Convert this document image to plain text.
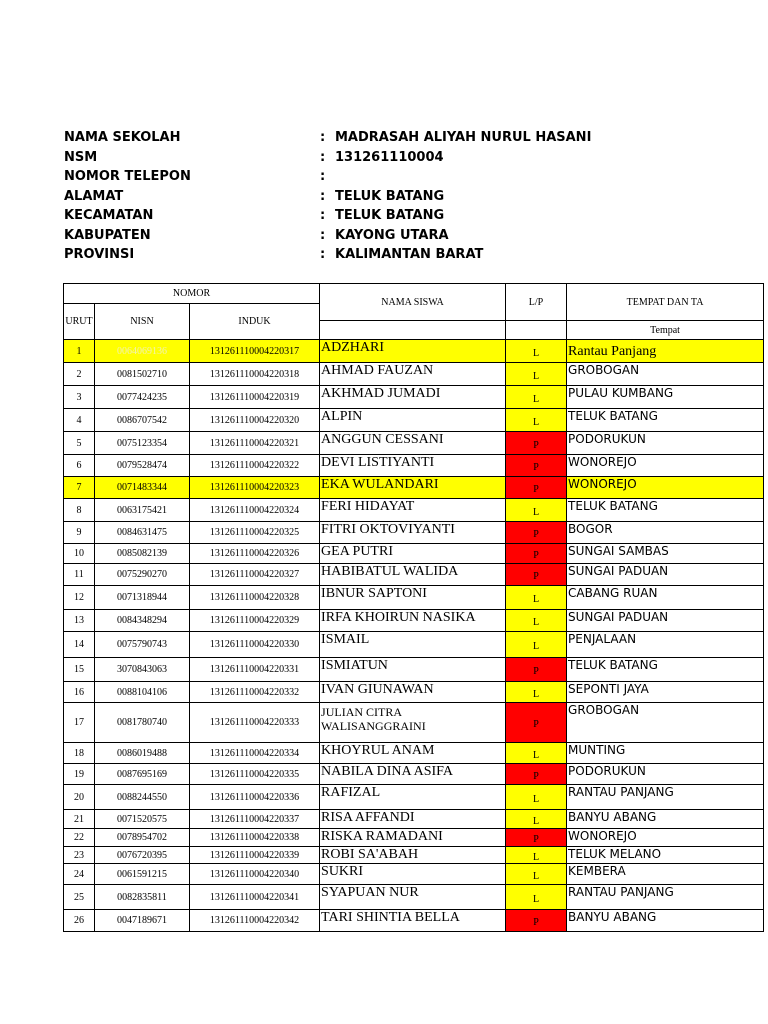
NAMA SEKOLAH	: MADRASAH ALIYAH NURUL HASANI
NSM	: 131261110004
NOMOR TELEPON	:
ALAMAT	: TELUK BATANG
KECAMATAN	: TELUK BATANG
KABUPATEN	: KAYONG UTARA
PROVINSI	: KALIMANTAN BARAT
NOMOR			NAMA SISWA	L/P	TEMPAT DAN TA
URUT	NISN	INDUK			
					Tempat
1	0064069136	131261110004220317	ADZHARI	L	Rantau Panjang
2	0081502710	131261110004220318	AHMAD FAUZAN	L	GROBOGAN
3	0077424235	131261110004220319	AKHMAD JUMADI	L	PULAU KUMBANG
4	0086707542	131261110004220320	ALPIN	L	TELUK BATANG
5	0075123354	131261110004220321	ANGGUN CESSANI	P	PODORUKUN
6	0079528474	131261110004220322	DEVI LISTIYANTI	P	WONOREJO
7	0071483344	131261110004220323	EKA WULANDARI	P	WONOREJO
8	0063175421	131261110004220324	FERI HIDAYAT	L	TELUK BATANG
9	0084631475	131261110004220325	FITRI OKTOVIYANTI	P	BOGOR
10	0085082139	131261110004220326	GEA PUTRI	P	SUNGAI SAMBAS
11	0075290270	131261110004220327	HABIBATUL WALIDA	P	SUNGAI PADUAN
12	0071318944	131261110004220328	IBNUR SAPTONI	L	CABANG RUAN
13	0084348294	131261110004220329	IRFA KHOIRUN NASIKA	L	SUNGAI PADUAN
14	0075790743	131261110004220330	ISMAIL	L	PENJALAAN
15	3070843063	131261110004220331	ISMIATUN	P	TELUK BATANG
16	0088104106	131261110004220332	IVAN GIUNAWAN	L	SEPONTI JAYA
17	0081780740	131261110004220333	JULIAN CITRA WALISANGGRAINI	P	GROBOGAN
18	0086019488	131261110004220334	KHOYRUL ANAM	L	MUNTING
19	0087695169	131261110004220335	NABILA DINA ASIFA	P	PODORUKUN
20	0088244550	131261110004220336	RAFIZAL	L	RANTAU PANJANG
21	0071520575	131261110004220337	RISA AFFANDI	L	BANYU ABANG
22	0078954702	131261110004220338	RISKA RAMADANI	P	WONOREJO
23	0076720395	131261110004220339	ROBI SA'ABAH	L	TELUK MELANO
24	0061591215	131261110004220340	SUKRI	L	KEMBERA
25	0082835811	131261110004220341	SYAPUAN NUR	L	RANTAU PANJANG
26	0047189671	131261110004220342	TARI SHINTIA BELLA	P	BANYU ABANG
